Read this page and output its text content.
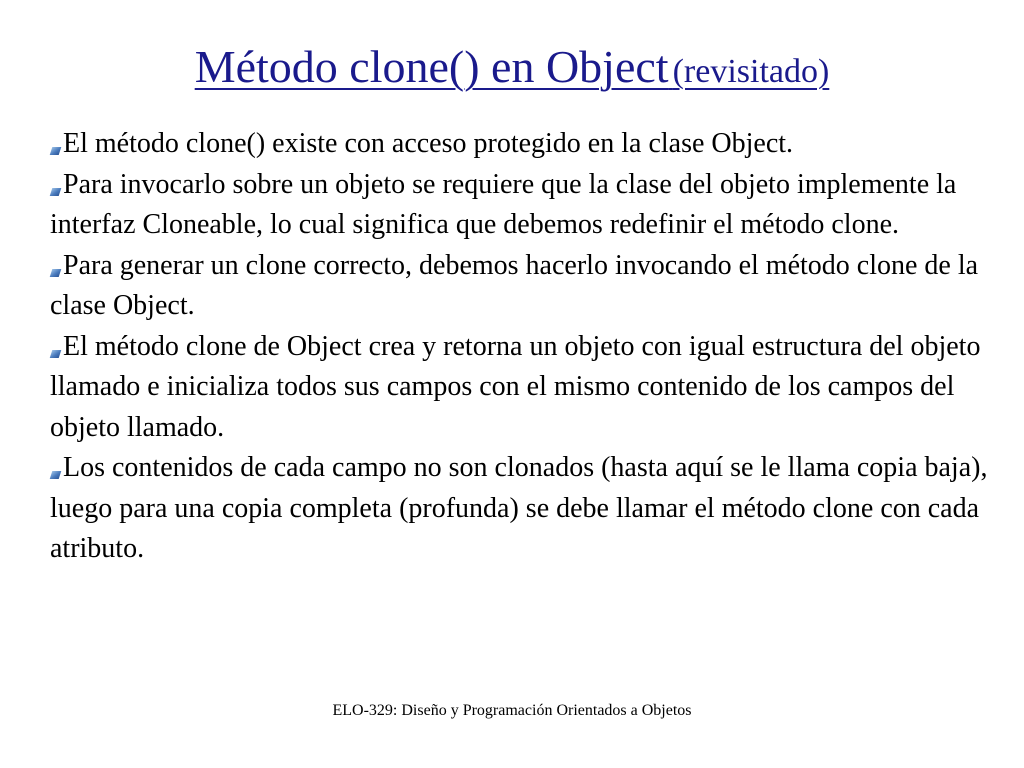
Método clone() en Object (revisitado)
El método clone() existe con acceso protegido en la clase Object.
Para invocarlo sobre un objeto se requiere que la clase del objeto implemente la interfaz Cloneable, lo cual significa que debemos redefinir el método clone.
Para generar un clone correcto, debemos hacerlo invocando el método clone de la clase Object.
El método clone de Object crea y retorna un objeto con igual estructura del objeto llamado e inicializa todos sus campos con el mismo contenido de los campos del objeto llamado.
Los contenidos de cada campo no son clonados (hasta aquí se le llama copia baja), luego para una copia completa (profunda) se debe llamar el método clone con cada atributo.
ELO-329: Diseño y Programación Orientados a Objetos
